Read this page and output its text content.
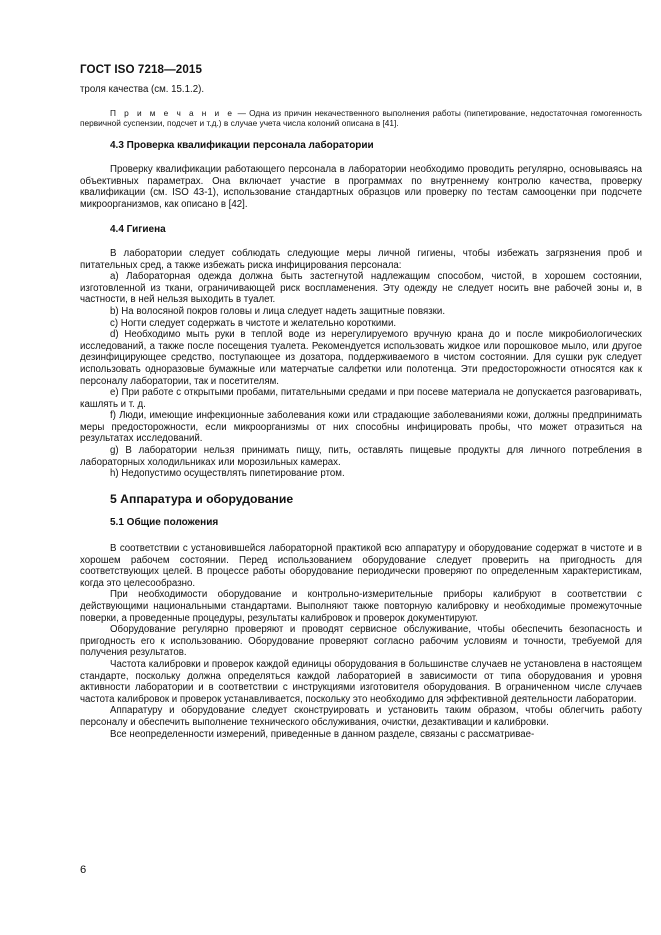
ГОСТ ISO 7218—2015

троля качества (см. 15.1.2).

П р и м е ч а н и е — Одна из причин некачественного выполнения работы (пипетирование, недостаточная гомогенность первичной суспензии, подсчет и т.д.) в случае учета числа колоний описана в [41].

4.3 Проверка квалификации персонала лаборатории

Проверку квалификации работающего персонала в лаборатории необходимо проводить регулярно, основываясь на объективных параметрах. Она включает участие в программах по внутреннему контролю качества, проверку квалификации (см. ISO 43-1), использование стандартных образцов или проверку по тестам самооценки при подсчете микроорганизмов, как описано в [42].

4.4 Гигиена

В лаборатории следует соблюдать следующие меры личной гигиены, чтобы избежать загрязнения проб и питательных сред, а также избежать риска инфицирования персонала:

a) Лабораторная одежда должна быть застегнутой надлежащим способом, чистой, в хорошем состоянии, изготовленной из ткани, ограничивающей риск воспламенения. Эту одежду не следует носить вне рабочей зоны и, в частности, в ней нельзя выходить в туалет.

b) На волосяной покров головы и лица следует надеть защитные повязки.

c) Ногти следует содержать в чистоте и желательно короткими.

d) Необходимо мыть руки в теплой воде из нерегулируемого вручную крана до и после микробиологических исследований, а также после посещения туалета. Рекомендуется использовать жидкое или порошковое мыло, или другое дезинфицирующее средство, поступающее из дозатора, поддерживаемого в чистом состоянии. Для сушки рук следует использовать одноразовые бумажные или матерчатые салфетки или полотенца. Эти предосторожности относятся как к персоналу лаборатории, так и посетителям.

e) При работе с открытыми пробами, питательными средами и при посеве материала не допускается разговаривать, кашлять и т. д.

f) Люди, имеющие инфекционные заболевания кожи или страдающие заболеваниями кожи, должны предпринимать меры предосторожности, если микроорганизмы от них способны инфицировать пробы, что может отразиться на результатах исследований.

g) В лаборатории нельзя принимать пищу, пить, оставлять пищевые продукты для личного потребления в лабораторных холодильниках или морозильных камерах.

h) Недопустимо осуществлять пипетирование ртом.

5 Аппаратура и оборудование
5.1 Общие положения

В соответствии с установившейся лабораторной практикой всю аппаратуру и оборудование содержат в чистоте и в хорошем рабочем состоянии. Перед использованием оборудование следует проверить на пригодность для соответствующих целей. В процессе работы оборудование периодически проверяют по определенным характеристикам, когда это целесообразно.

При необходимости оборудование и контрольно-измерительные приборы калибруют в соответствии с действующими национальными стандартами. Выполняют также повторную калибровку и необходимые промежуточные поверки, а проведенные процедуры, результаты калибровок и проверок документируют.

Оборудование регулярно проверяют и проводят сервисное обслуживание, чтобы обеспечить безопасность и пригодность его к использованию. Оборудование проверяют согласно рабочим условиям и точности, требуемой для получения результатов.

Частота калибровки и проверок каждой единицы оборудования в большинстве случаев не установлена в настоящем стандарте, поскольку должна определяться каждой лабораторией в зависимости от типа оборудования и уровня активности лаборатории и в соответствии с инструкциями изготовителя оборудования. В ограниченном числе случаев частота калибровок и проверок устанавливается, поскольку это необходимо для эффективной деятельности лаборатории.

Аппаратуру и оборудование следует сконструировать и установить таким образом, чтобы облегчить работу персоналу и обеспечить выполнение технического обслуживания, очистки, дезактивации и калибровки.

Все неопределенности измерений, приведенные в данном разделе, связаны с рассматривае-

6
